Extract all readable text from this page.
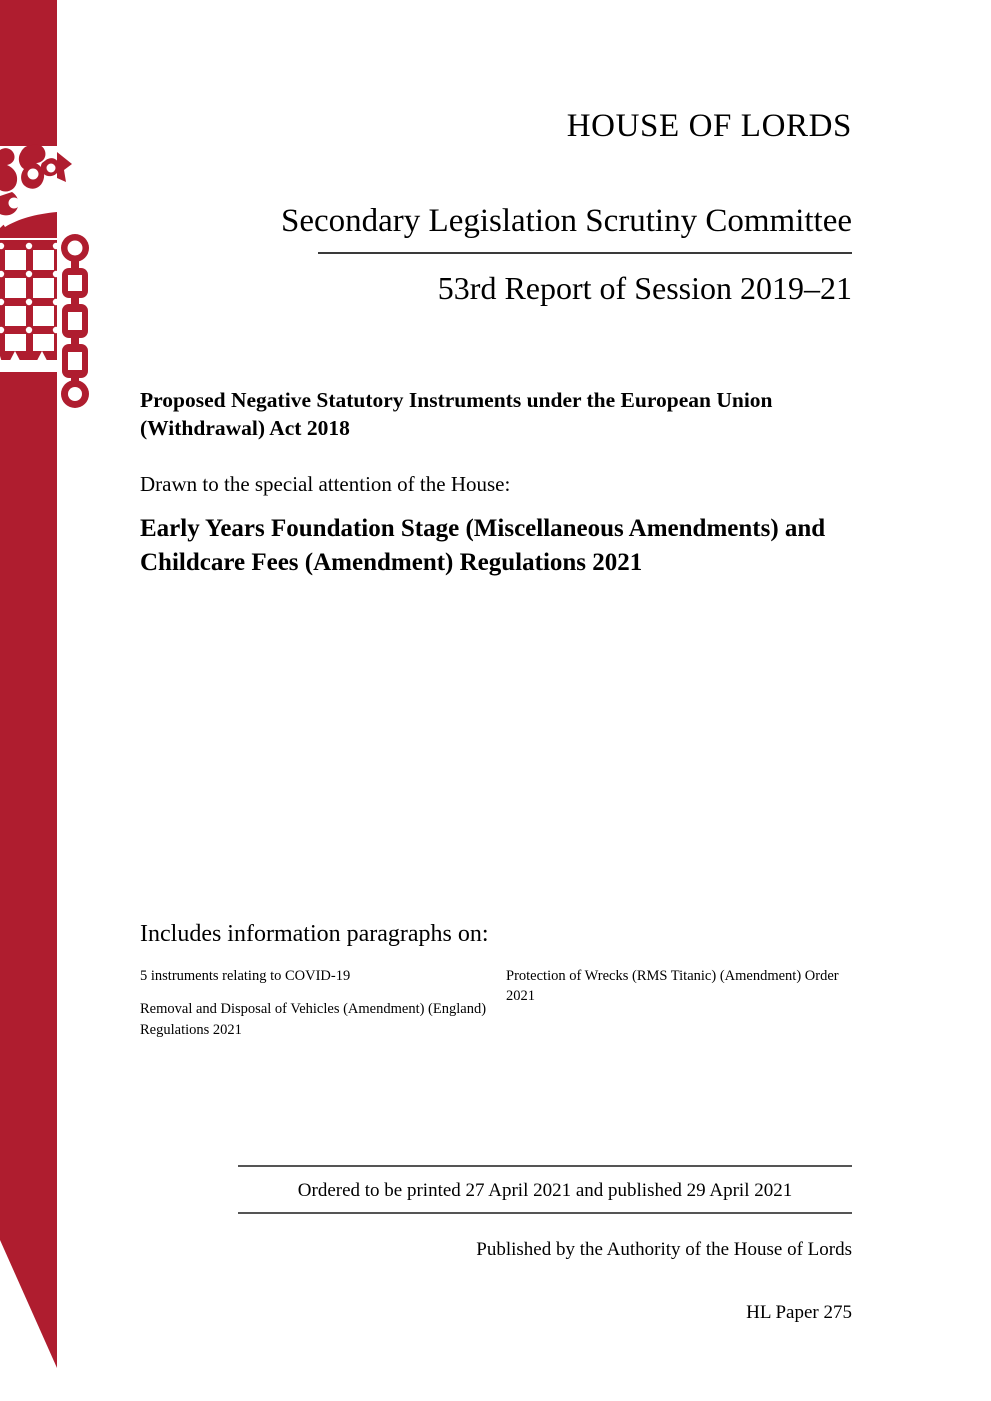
HOUSE OF LORDS
Secondary Legislation Scrutiny Committee
53rd Report of Session 2019–21
Proposed Negative Statutory Instruments under the European Union (Withdrawal) Act 2018
Drawn to the special attention of the House:
Early Years Foundation Stage (Miscellaneous Amendments) and Childcare Fees (Amendment) Regulations 2021
Includes information paragraphs on:
5 instruments relating to COVID-19
Removal and Disposal of Vehicles (Amendment) (England) Regulations 2021
Protection of Wrecks (RMS Titanic) (Amendment) Order 2021
Ordered to be printed 27 April 2021 and published 29 April 2021
Published by the Authority of the House of Lords
HL Paper 275
